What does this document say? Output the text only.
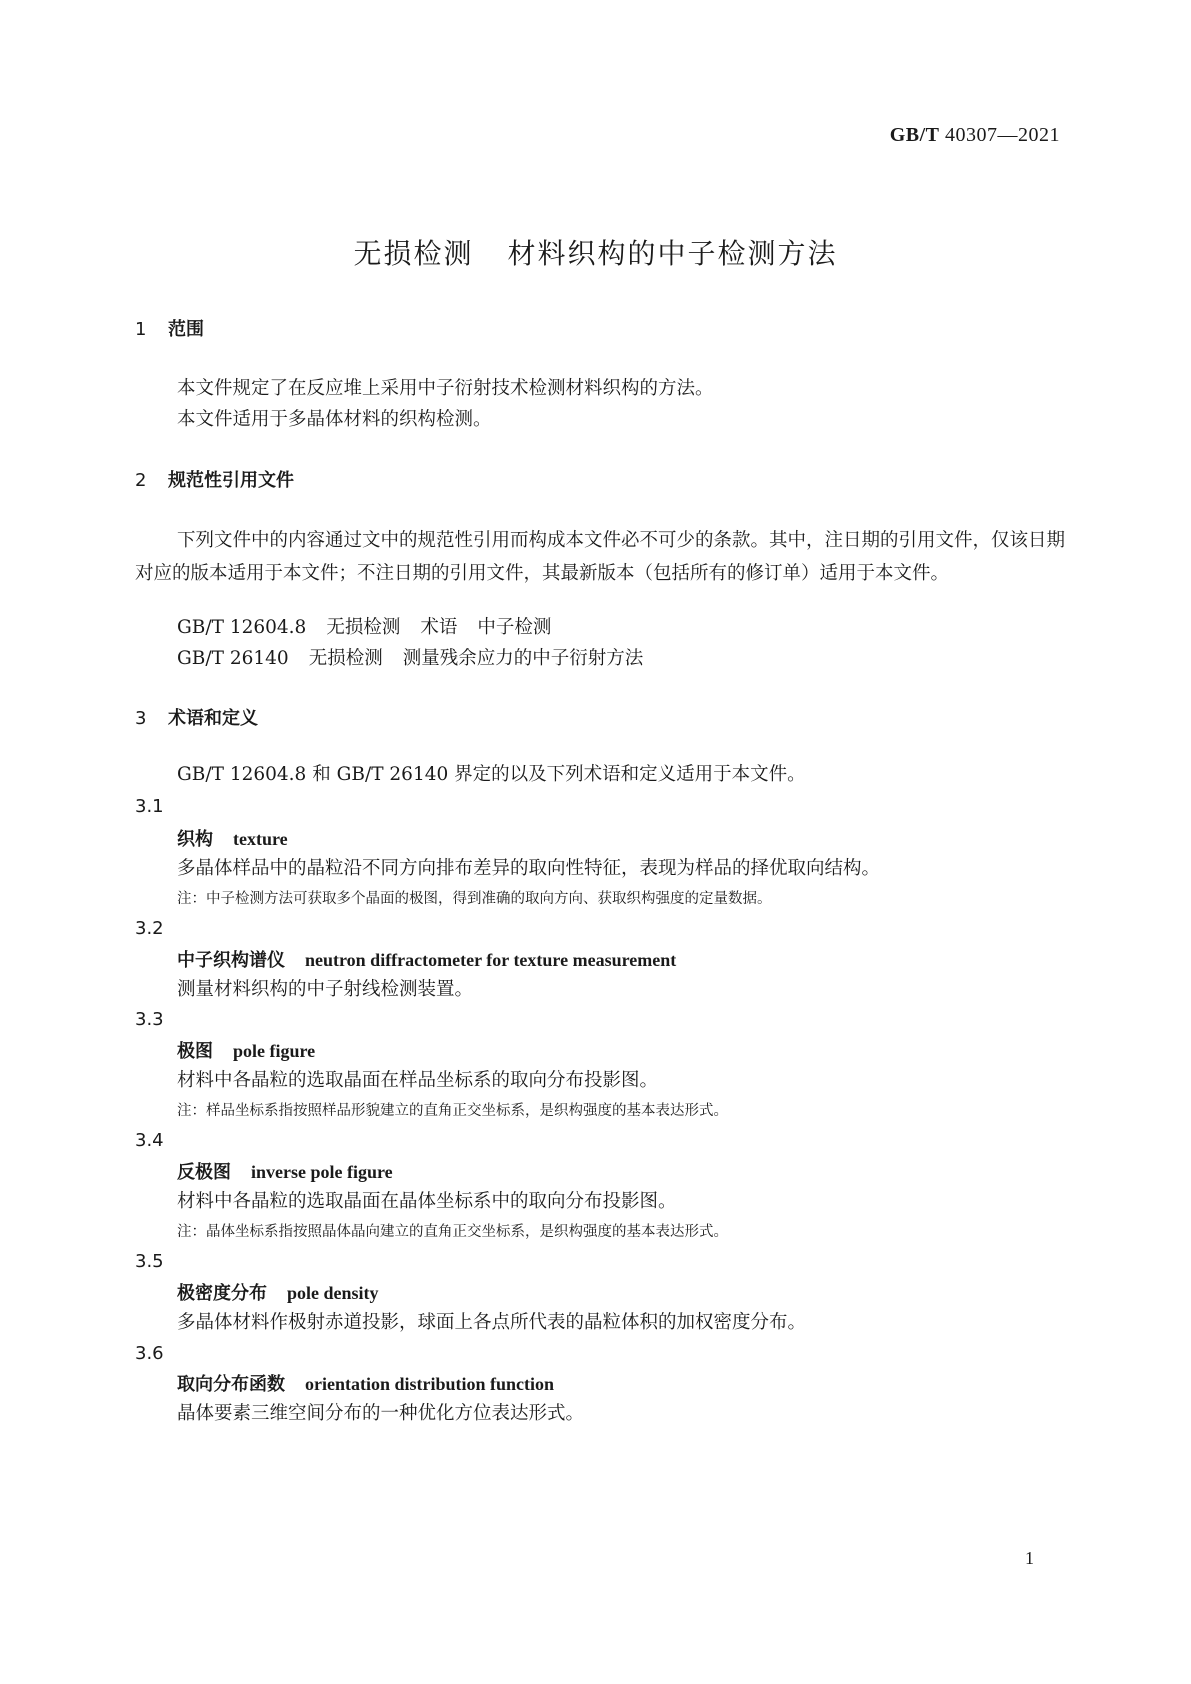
GB/T 40307—2021
无损检测 材料织构的中子检测方法
1 范围
本文件规定了在反应堆上采用中子衍射技术检测材料织构的方法。
本文件适用于多晶体材料的织构检测。
2 规范性引用文件
下列文件中的内容通过文中的规范性引用而构成本文件必不可少的条款。其中，注日期的引用文件，仅该日期对应的版本适用于本文件；不注日期的引用文件，其最新版本（包括所有的修订单）适用于本文件。
GB/T 12604.8 无损检测 术语 中子检测
GB/T 26140 无损检测 测量残余应力的中子衍射方法
3 术语和定义
GB/T 12604.8 和 GB/T 26140 界定的以及下列术语和定义适用于本文件。
3.1
织构 texture
多晶体样品中的晶粒沿不同方向排布差异的取向性特征，表现为样品的择优取向结构。
注：中子检测方法可获取多个晶面的极图，得到准确的取向方向、获取织构强度的定量数据。
3.2
中子织构谱仪 neutron diffractometer for texture measurement
测量材料织构的中子射线检测装置。
3.3
极图 pole figure
材料中各晶粒的选取晶面在样品坐标系的取向分布投影图。
注：样品坐标系指按照样品形貌建立的直角正交坐标系，是织构强度的基本表达形式。
3.4
反极图 inverse pole figure
材料中各晶粒的选取晶面在晶体坐标系中的取向分布投影图。
注：晶体坐标系指按照晶体晶向建立的直角正交坐标系，是织构强度的基本表达形式。
3.5
极密度分布 pole density
多晶体材料作极射赤道投影，球面上各点所代表的晶粒体积的加权密度分布。
3.6
取向分布函数 orientation distribution function
晶体要素三维空间分布的一种优化方位表达形式。
1
